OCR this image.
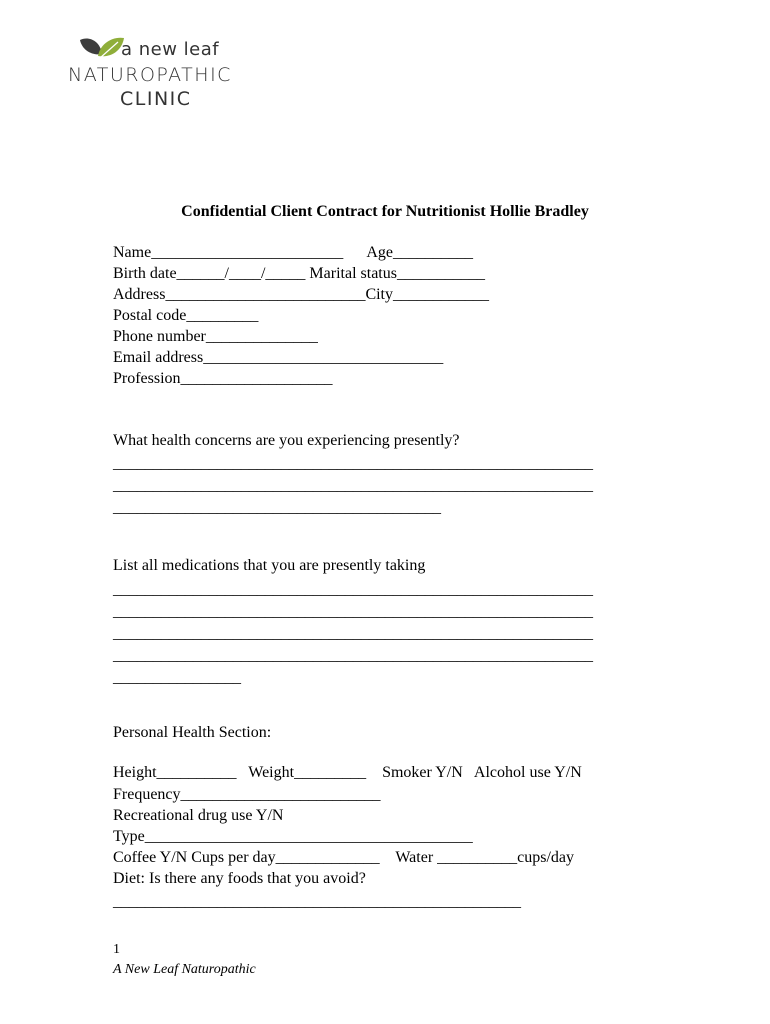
a new leaf
NATUROPATHIC
CLINIC
Confidential Client Contract for Nutritionist Hollie Bradley
Name________________________      Age__________
Birth date______/____/_____ Marital status___________
Address_________________________City____________
Postal code_________
Phone number______________
Email address______________________________
Profession___________________
What health concerns are you experiencing presently?
____________________________________________________________
____________________________________________________________
_________________________________________
List all medications that you are presently taking
____________________________________________________________
____________________________________________________________
____________________________________________________________
____________________________________________________________
________________
Personal Health Section:
Height__________   Weight_________    Smoker Y/N   Alcohol use Y/N
Frequency_________________________
Recreational drug use Y/N
Type_________________________________________
Coffee Y/N Cups per day_____________    Water __________cups/day
Diet: Is there any foods that you avoid?
___________________________________________________
1
A New Leaf Naturopathic
